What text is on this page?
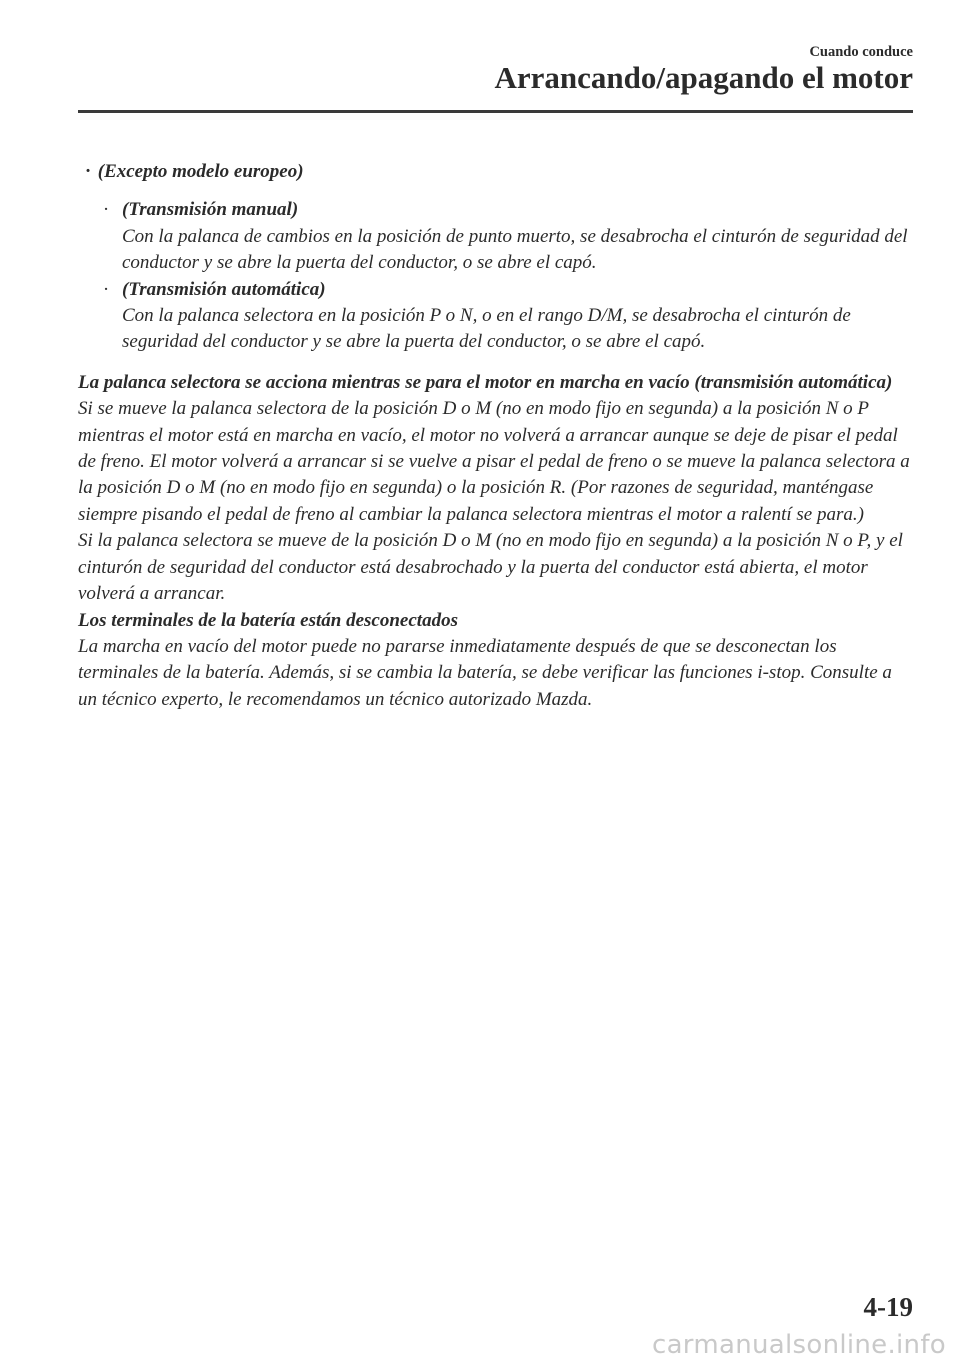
Cuando conduce
Arrancando/apagando el motor
· (Excepto modelo europeo)
· (Transmisión manual)
Con la palanca de cambios en la posición de punto muerto, se desabrocha el cinturón de seguridad del conductor y se abre la puerta del conductor, o se abre el capó.
· (Transmisión automática)
Con la palanca selectora en la posición P o N, o en el rango D/M, se desabrocha el cinturón de seguridad del conductor y se abre la puerta del conductor, o se abre el capó.
La palanca selectora se acciona mientras se para el motor en marcha en vacío (transmisión automática)
Si se mueve la palanca selectora de la posición D o M (no en modo fijo en segunda) a la posición N o P mientras el motor está en marcha en vacío, el motor no volverá a arrancar aunque se deje de pisar el pedal de freno. El motor volverá a arrancar si se vuelve a pisar el pedal de freno o se mueve la palanca selectora a la posición D o M (no en modo fijo en segunda) o la posición R. (Por razones de seguridad, manténgase siempre pisando el pedal de freno al cambiar la palanca selectora mientras el motor a ralentí se para.)
Si la palanca selectora se mueve de la posición D o M (no en modo fijo en segunda) a la posición N o P, y el cinturón de seguridad del conductor está desabrochado y la puerta del conductor está abierta, el motor volverá a arrancar.
Los terminales de la batería están desconectados
La marcha en vacío del motor puede no pararse inmediatamente después de que se desconectan los terminales de la batería. Además, si se cambia la batería, se debe verificar las funciones i-stop. Consulte a un técnico experto, le recomendamos un técnico autorizado Mazda.
4-19
carmanualsonline.info
